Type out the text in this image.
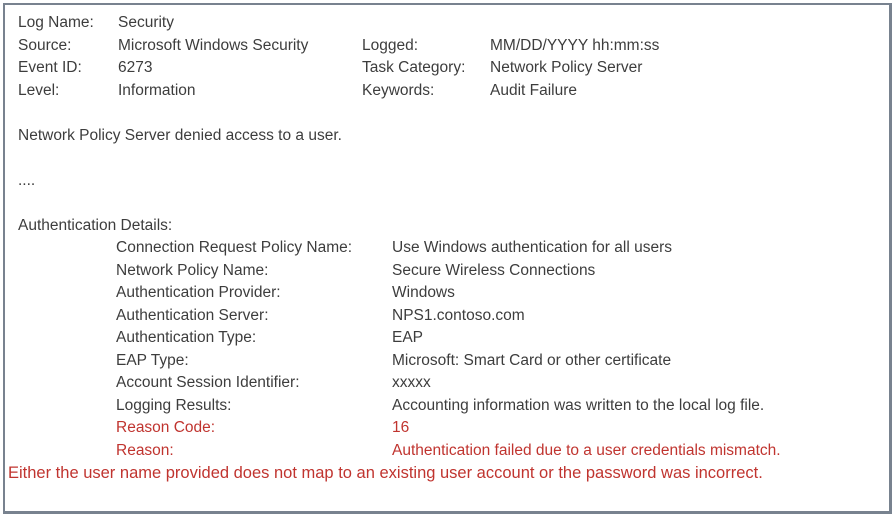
Log Name: Security
Source:	Microsoft Windows Security	Logged:	MM/DD/YYYY hh:mm:ss
Event ID: 6273	Task Category: Network Policy Server
Level:	Information	Keywords:	Audit Failure
Network Policy Server denied access to a user.
....
Authentication Details:
Connection Request Policy Name:	Use Windows authentication for all users
Network Policy Name:	Secure Wireless Connections
Authentication Provider:	Windows
Authentication Server:	NPS1.contoso.com
Authentication Type:	EAP
EAP Type:	Microsoft: Smart Card or other certificate
Account Session Identifier:	xxxxx
Logging Results:	Accounting information was written to the local log file.
Reason Code:	16
Reason:	Authentication failed due to a user credentials mismatch.
Either the user name provided does not map to an existing user account or the password was incorrect.
